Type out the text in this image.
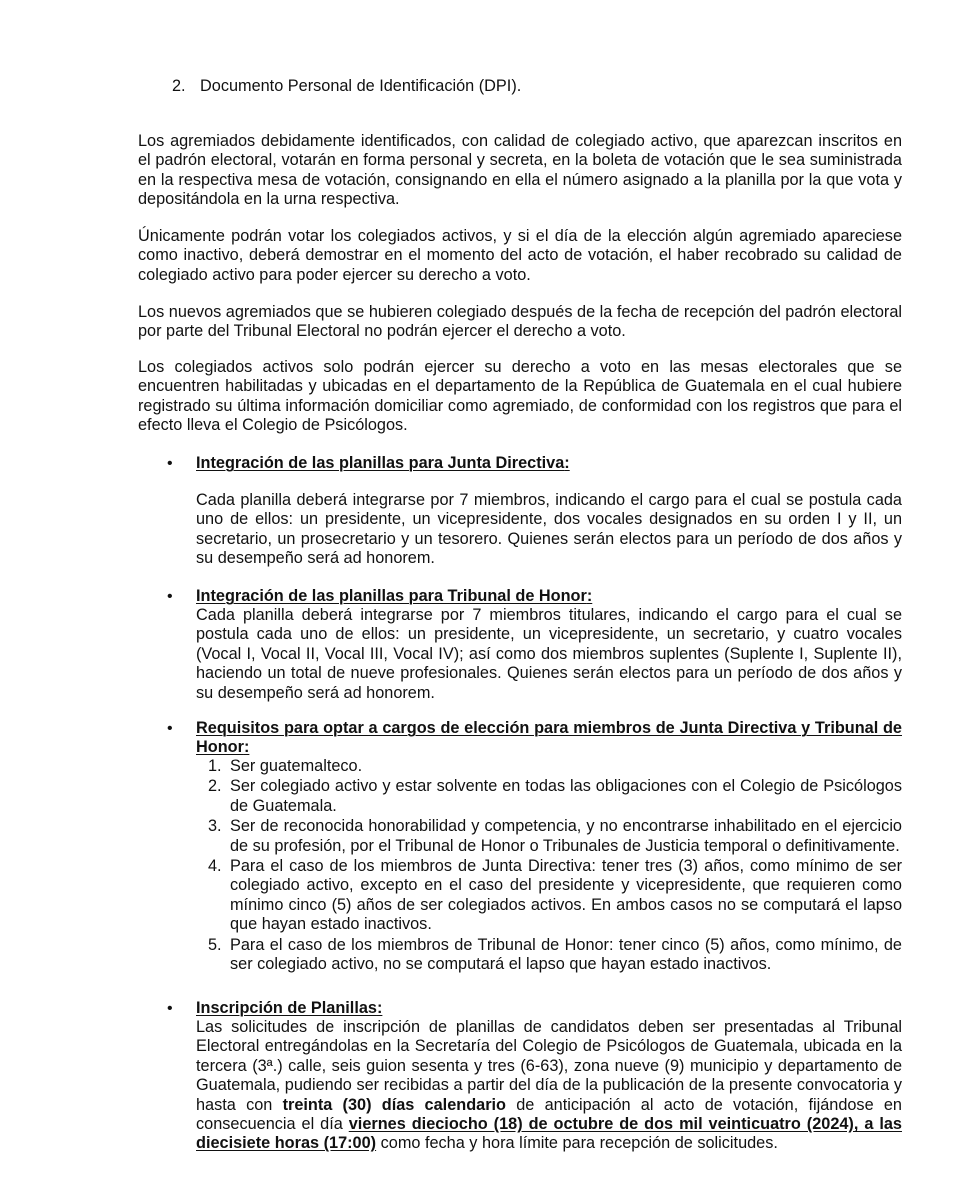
2. Documento Personal de Identificación (DPI).

Los agremiados debidamente identificados, con calidad de colegiado activo, que aparezcan inscritos en el padrón electoral, votarán en forma personal y secreta, en la boleta de votación que le sea suministrada en la respectiva mesa de votación, consignando en ella el número asignado a la planilla por la que vota y depositándola en la urna respectiva.

Únicamente podrán votar los colegiados activos, y si el día de la elección algún agremiado apareciese como inactivo, deberá demostrar en el momento del acto de votación, el haber recobrado su calidad de colegiado activo para poder ejercer su derecho a voto.

Los nuevos agremiados que se hubieren colegiado después de la fecha de recepción del padrón electoral por parte del Tribunal Electoral no podrán ejercer el derecho a voto.

Los colegiados activos solo podrán ejercer su derecho a voto en las mesas electorales que se encuentren habilitadas y ubicadas en el departamento de la República de Guatemala en el cual hubiere registrado su última información domiciliar como agremiado, de conformidad con los registros que para el efecto lleva el Colegio de Psicólogos.

•
Integración de las planillas para Junta Directiva:

Cada planilla deberá integrarse por 7 miembros, indicando el cargo para el cual se postula cada uno de ellos: un presidente, un vicepresidente, dos vocales designados en su orden I y II, un secretario, un prosecretario y un tesorero. Quienes serán electos para un período de dos años y su desempeño será ad honorem.

•
Integración de las planillas para Tribunal de Honor:

Cada planilla deberá integrarse por 7 miembros titulares, indicando el cargo para el cual se postula cada uno de ellos: un presidente, un vicepresidente, un secretario, y cuatro vocales (Vocal I, Vocal II, Vocal III, Vocal IV); así como dos miembros suplentes (Suplente I, Suplente II), haciendo un total de nueve profesionales. Quienes serán electos para un período de dos años y su desempeño será ad honorem.

•
Requisitos para optar a cargos de elección para miembros de Junta Directiva y Tribunal de Honor:
1. Ser guatemalteco.
2. Ser colegiado activo y estar solvente en todas las obligaciones con el Colegio de Psicólogos de Guatemala.
3. Ser de reconocida honorabilidad y competencia, y no encontrarse inhabilitado en el ejercicio de su profesión, por el Tribunal de Honor o Tribunales de Justicia temporal o definitivamente.
4. Para el caso de los miembros de Junta Directiva: tener tres (3) años, como mínimo de ser colegiado activo, excepto en el caso del presidente y vicepresidente, que requieren como mínimo cinco (5) años de ser colegiados activos. En ambos casos no se computará el lapso que hayan estado inactivos.
5. Para el caso de los miembros de Tribunal de Honor: tener cinco (5) años, como mínimo, de ser colegiado activo, no se computará el lapso que hayan estado inactivos.
•
Inscripción de Planillas:

Las solicitudes de inscripción de planillas de candidatos deben ser presentadas al Tribunal Electoral entregándolas en la Secretaría del Colegio de Psicólogos de Guatemala, ubicada en la tercera (3ª.) calle, seis guion sesenta y tres (6-63), zona nueve (9) municipio y departamento de Guatemala, pudiendo ser recibidas a partir del día de la publicación de la presente convocatoria y hasta con treinta (30) días calendario de anticipación al acto de votación, fijándose en consecuencia el día viernes dieciocho (18) de octubre de dos mil veinticuatro (2024), a las diecisiete horas (17:00) como fecha y hora límite para recepción de solicitudes.
